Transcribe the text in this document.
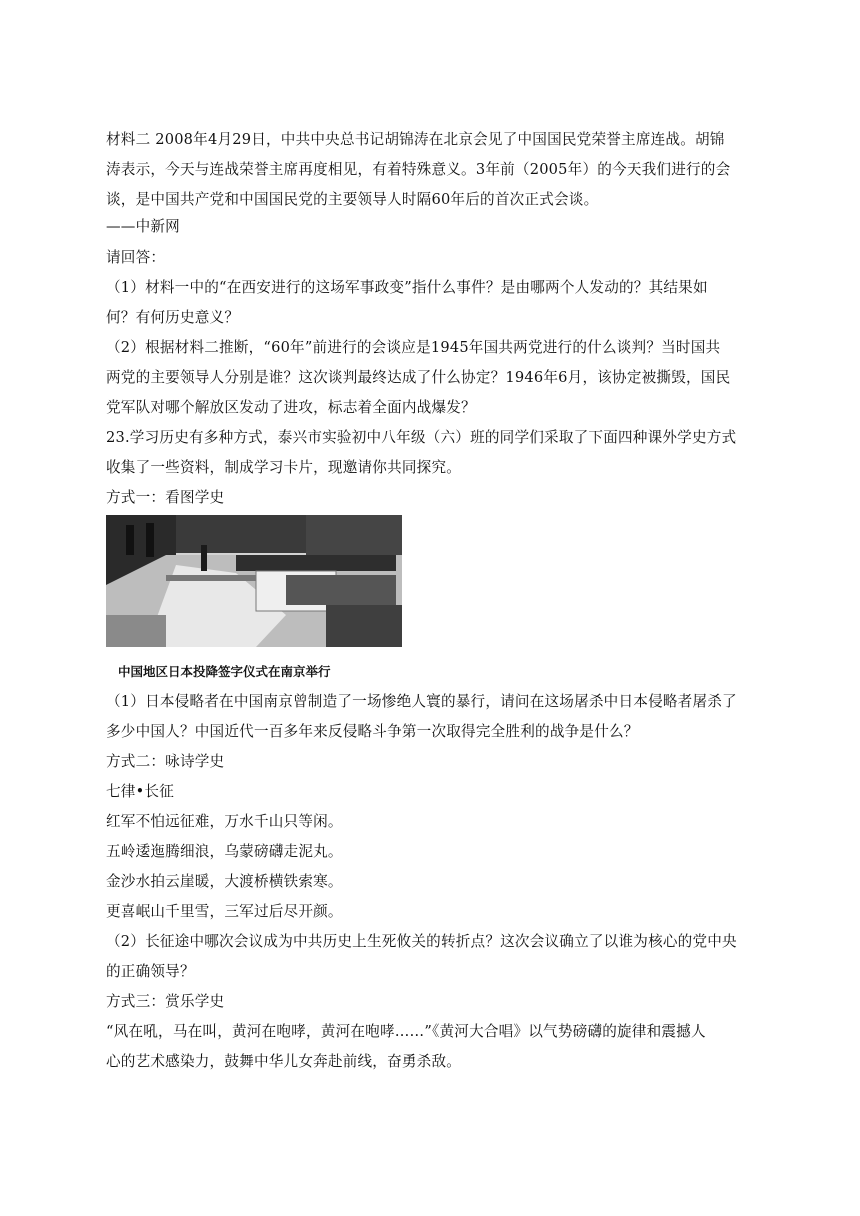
材料二 2008年4月29日，中共中央总书记胡锦涛在北京会见了中国国民党荣誉主席连战。胡锦
涛表示，今天与连战荣誉主席再度相见，有着特殊意义。3年前（2005年）的今天我们进行的会
谈，是中国共产党和中国国民党的主要领导人时隔60年后的首次正式会谈。
——中新网
请回答：
（1）材料一中的“在西安进行的这场军事政变”指什么事件？是由哪两个人发动的？其结果如
何？有何历史意义？
（2）根据材料二推断，“60年”前进行的会谈应是1945年国共两党进行的什么谈判？当时国共
两党的主要领导人分别是谁？这次谈判最终达成了什么协定？1946年6月，该协定被撕毁，国民
党军队对哪个解放区发动了进攻，标志着全面内战爆发？
23.学习历史有多种方式，泰兴市实验初中八年级（六）班的同学们采取了下面四种课外学史方式
收集了一些资料，制成学习卡片，现邀请你共同探究。
方式一：看图学史
中国地区日本投降签字仪式在南京举行
（1）日本侵略者在中国南京曾制造了一场惨绝人寰的暴行，请问在这场屠杀中日本侵略者屠杀了
多少中国人？中国近代一百多年来反侵略斗争第一次取得完全胜利的战争是什么？
方式二：咏诗学史
七律•长征
红军不怕远征难，万水千山只等闲。
五岭逶迤腾细浪，乌蒙磅礴走泥丸。
金沙水拍云崖暖，大渡桥横铁索寒。
更喜岷山千里雪，三军过后尽开颜。
（2）长征途中哪次会议成为中共历史上生死攸关的转折点？这次会议确立了以谁为核心的党中央
的正确领导？
方式三：赏乐学史
“风在吼，马在叫，黄河在咆哮，黄河在咆哮……”《黄河大合唱》以气势磅礴的旋律和震撼人
心的艺术感染力，鼓舞中华儿女奔赴前线，奋勇杀敌。
